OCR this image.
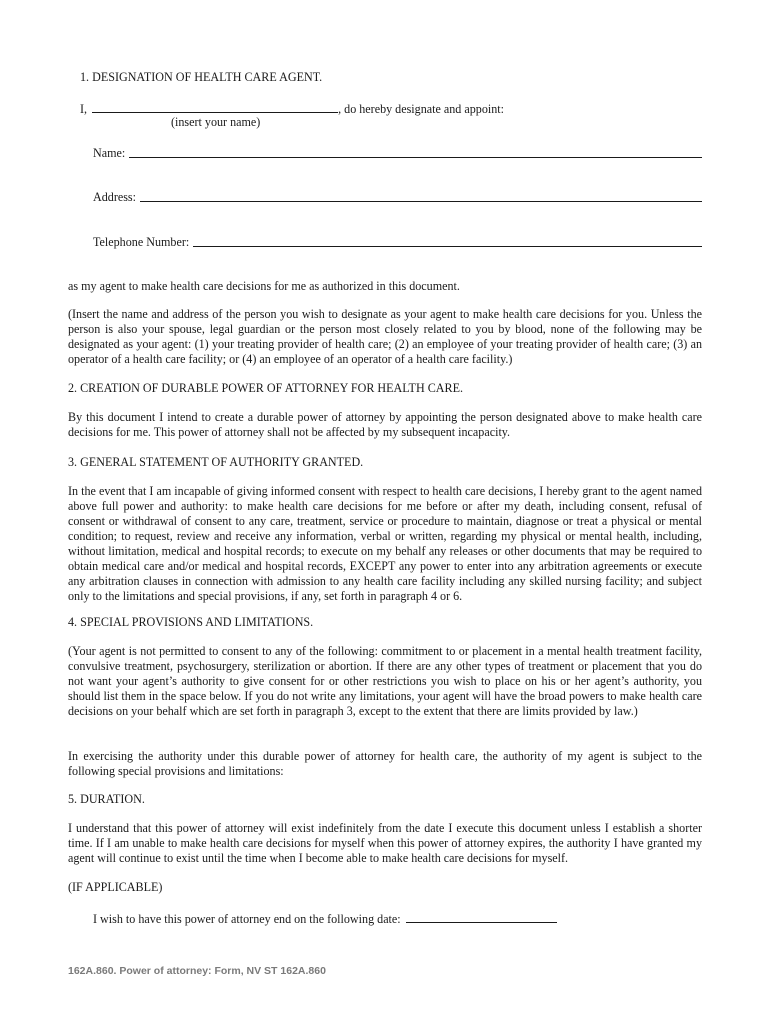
1. DESIGNATION OF HEALTH CARE AGENT.

I,	, do hereby designate and appoint:

(insert your name)

Name:
Address:
Telephone Number:

as my agent to make health care decisions for me as authorized in this document.

(Insert the name and address of the person you wish to designate as your agent to make health care decisions for you. Unless the person is also your spouse, legal guardian or the person most closely related to you by blood, none of the following may be designated as your agent: (1) your treating provider of health care; (2) an employee of your treating provider of health care; (3) an operator of a health care facility; or (4) an employee of an operator of a health care facility.)

2. CREATION OF DURABLE POWER OF ATTORNEY FOR HEALTH CARE.

By this document I intend to create a durable power of attorney by appointing the person designated above to make health care decisions for me. This power of attorney shall not be affected by my subsequent incapacity.

3. GENERAL STATEMENT OF AUTHORITY GRANTED.

In the event that I am incapable of giving informed consent with respect to health care decisions, I hereby grant to the agent named above full power and authority: to make health care decisions for me before or after my death, including consent, refusal of consent or withdrawal of consent to any care, treatment, service or procedure to maintain, diagnose or treat a physical or mental condition; to request, review and receive any information, verbal or written, regarding my physical or mental health, including, without limitation, medical and hospital records; to execute on my behalf any releases or other documents that may be required to obtain medical care and/or medical and hospital records, EXCEPT any power to enter into any arbitration agreements or execute any arbitration clauses in connection with admission to any health care facility including any skilled nursing facility; and subject only to the limitations and special provisions, if any, set forth in paragraph 4 or 6.

4. SPECIAL PROVISIONS AND LIMITATIONS.

(Your agent is not permitted to consent to any of the following: commitment to or placement in a mental health treatment facility, convulsive treatment, psychosurgery, sterilization or abortion. If there are any other types of treatment or placement that you do not want your agent’s authority to give consent for or other restrictions you wish to place on his or her agent’s authority, you should list them in the space below. If you do not write any limitations, your agent will have the broad powers to make health care decisions on your behalf which are set forth in paragraph 3, except to the extent that there are limits provided by law.)

In exercising the authority under this durable power of attorney for health care, the authority of my agent is subject to the following special provisions and limitations:

5. DURATION.

I understand that this power of attorney will exist indefinitely from the date I execute this document unless I establish a shorter time. If I am unable to make health care decisions for myself when this power of attorney expires, the authority I have granted my agent will continue to exist until the time when I become able to make health care decisions for myself.

(IF APPLICABLE)

I wish to have this power of attorney end on the following date:

162A.860. Power of attorney: Form, NV ST 162A.860
